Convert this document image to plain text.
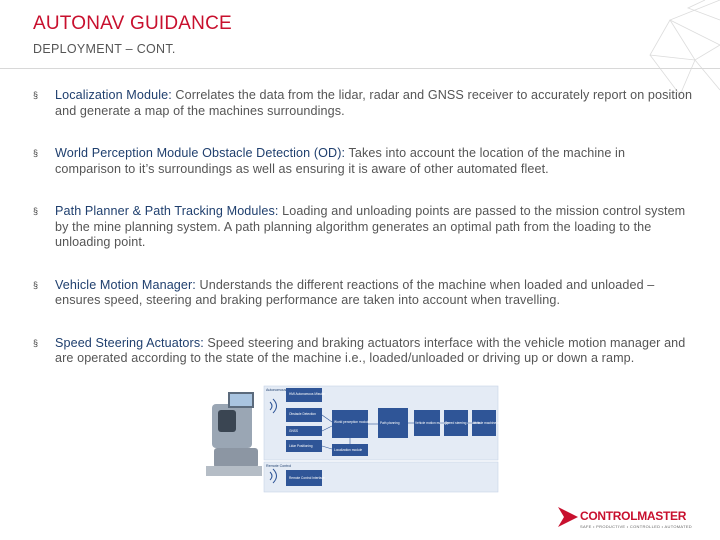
AUTONAV GUIDANCE
DEPLOYMENT – CONT.
§ Localization Module: Correlates the data from the lidar, radar and GNSS receiver to accurately report on position and generate a map of the machines surroundings.
§ World Perception Module Obstacle Detection (OD): Takes into account the location of the machine in comparison to it’s surroundings as well as ensuring it is aware of other automated fleet.
§ Path Planner & Path Tracking Modules: Loading and unloading points are passed to the mission control system by the mine planning system. A path planning algorithm generates an optimal path from the loading to the unloading point.
§ Vehicle Motion Manager: Understands the different reactions of the machine when loaded and unloaded – ensures speed, steering and braking performance are taken into account when travelling.
§ Speed Steering Actuators: Speed steering and braking actuators interface with the vehicle motion manager and are operated according to the state of the machine i.e., loaded/unloaded or driving up or down a ramp.
Autonomous
Remote Control
HMI Autonomous Mission
Obstacle Detection
GNSS
Lidar Positioning
World perception module
Localization module
Path planning	Vehicle motion manager
Speed steering actuators
Vehicle machine control
Remote Control Interface
CONTROLMASTER
SAFE • PRODUCTIVE • CONTROLLED • AUTOMATED
